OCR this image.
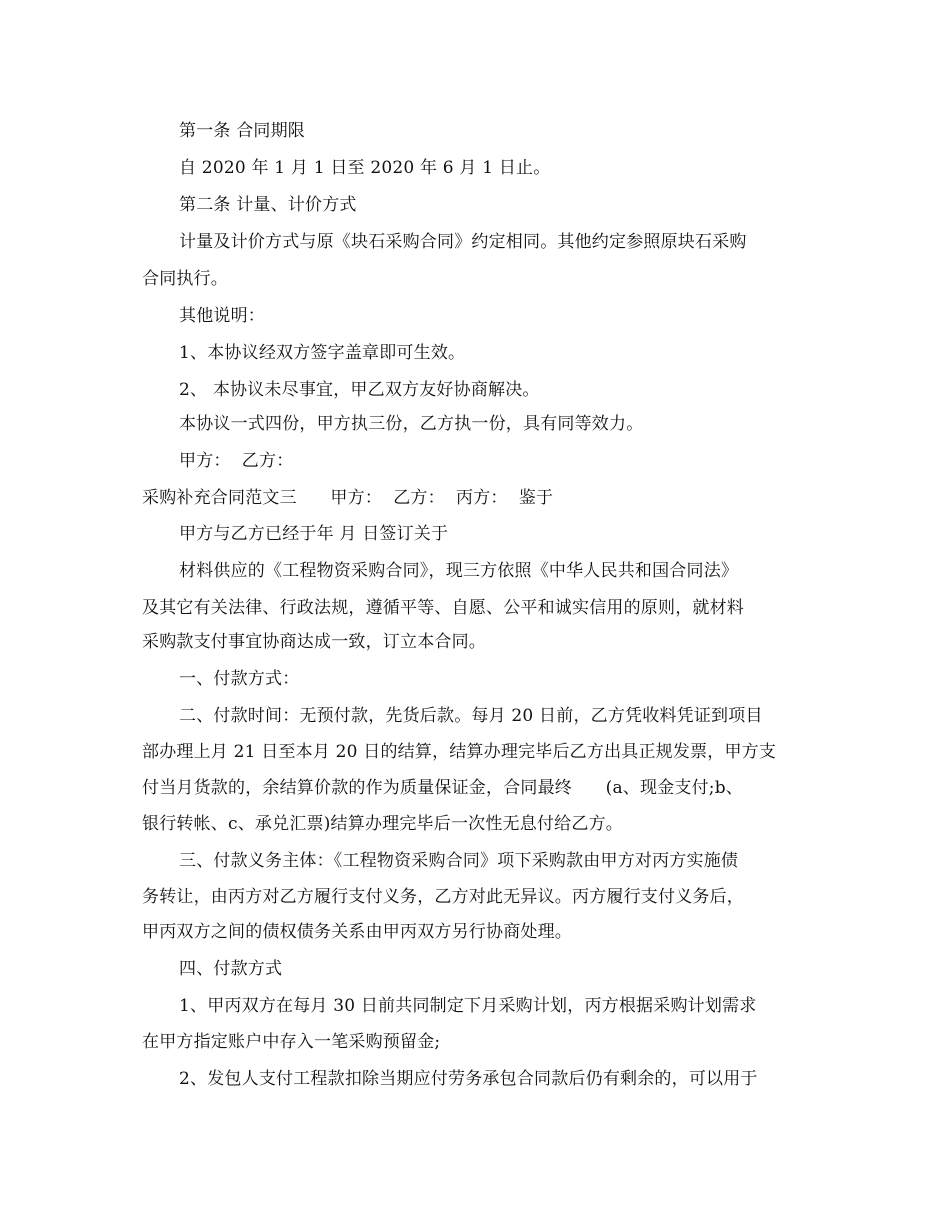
第一条 合同期限
自 2020 年 1 月 1 日至 2020 年 6 月 1 日止。
第二条 计量、计价方式
计量及计价方式与原《块石采购合同》约定相同。其他约定参照原块石采购
合同执行。
其他说明：
1、本协议经双方签字盖章即可生效。
2、 本协议未尽事宜，甲乙双方友好协商解决。
本协议一式四份，甲方执三份，乙方执一份，具有同等效力。
甲方：  乙方：
采购补充合同范文三      甲方：  乙方：  丙方：  鉴于
甲方与乙方已经于年 月 日签订关于
材料供应的《工程物资采购合同》，现三方依照《中华人民共和国合同法》
及其它有关法律、行政法规，遵循平等、自愿、公平和诚实信用的原则，就材料
采购款支付事宜协商达成一致，订立本合同。
一、付款方式：
二、付款时间：无预付款，先货后款。每月 20 日前，乙方凭收料凭证到项目
部办理上月 21 日至本月 20 日的结算，结算办理完毕后乙方出具正规发票，甲方支
付当月货款的，余结算价款的作为质量保证金，合同最终      (a、现金支付;b、
银行转帐、c、承兑汇票)结算办理完毕后一次性无息付给乙方。
三、付款义务主体：《工程物资采购合同》项下采购款由甲方对丙方实施债
务转让，由丙方对乙方履行支付义务，乙方对此无异议。丙方履行支付义务后，
甲丙双方之间的债权债务关系由甲丙双方另行协商处理。
四、付款方式
1、甲丙双方在每月 30 日前共同制定下月采购计划，丙方根据采购计划需求
在甲方指定账户中存入一笔采购预留金;
2、发包人支付工程款扣除当期应付劳务承包合同款后仍有剩余的，可以用于
